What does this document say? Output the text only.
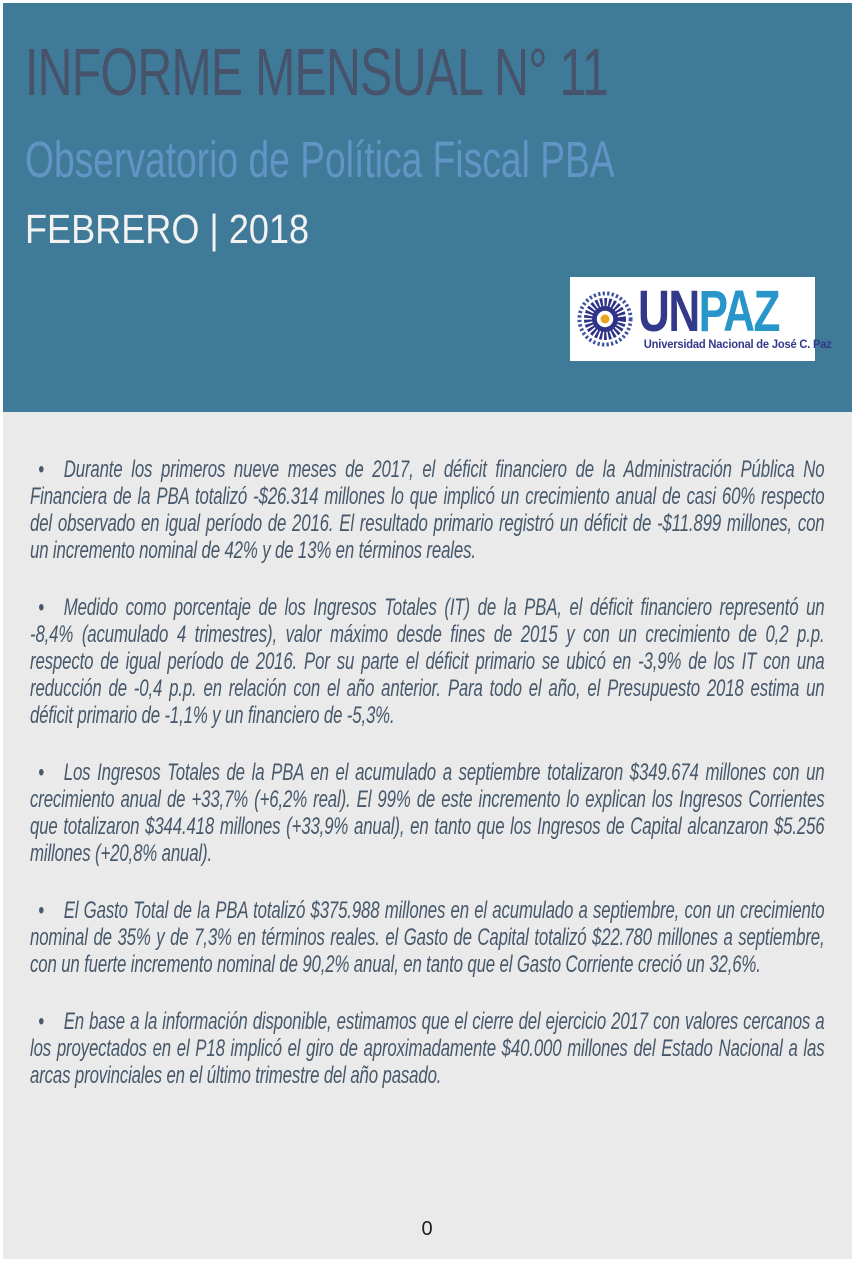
INFORME MENSUAL N° 11
Observatorio de Política Fiscal PBA
FEBRERO | 2018
UNPAZ
Universidad Nacional de José C. Paz

• Durante los primeros nueve meses de 2017, el déficit financiero de la Administración Pública No Financiera de la PBA totalizó -$26.314 millones lo que implicó un crecimiento anual de casi 60% respecto del observado en igual período de 2016. El resultado primario registró un déficit de -$11.899 millones, con un incremento nominal de 42% y de 13% en términos reales.

• Medido como porcentaje de los Ingresos Totales (IT) de la PBA, el déficit financiero representó un -8,4% (acumulado 4 trimestres), valor máximo desde fines de 2015 y con un crecimiento de 0,2 p.p. respecto de igual período de 2016. Por su parte el déficit primario se ubicó en -3,9% de los IT con una reducción de -0,4 p.p. en relación con el año anterior. Para todo el año, el Presupuesto 2018 estima un déficit primario de -1,1% y un financiero de -5,3%.

• Los Ingresos Totales de la PBA en el acumulado a septiembre totalizaron $349.674 millones con un crecimiento anual de +33,7% (+6,2% real). El 99% de este incremento lo explican los Ingresos Corrientes que totalizaron $344.418 millones (+33,9% anual), en tanto que los Ingresos de Capital alcanzaron $5.256 millones (+20,8% anual).

• El Gasto Total de la PBA totalizó $375.988 millones en el acumulado a septiembre, con un crecimiento nominal de 35% y de 7,3% en términos reales. el Gasto de Capital totalizó $22.780 millones a septiembre, con un fuerte incremento nominal de 90,2% anual, en tanto que el Gasto Corriente creció un 32,6%.

• En base a la información disponible, estimamos que el cierre del ejercicio 2017 con valores cercanos a los proyectados en el P18 implicó el giro de aproximadamente $40.000 millones del Estado Nacional a las arcas provinciales en el último trimestre del año pasado.

0
